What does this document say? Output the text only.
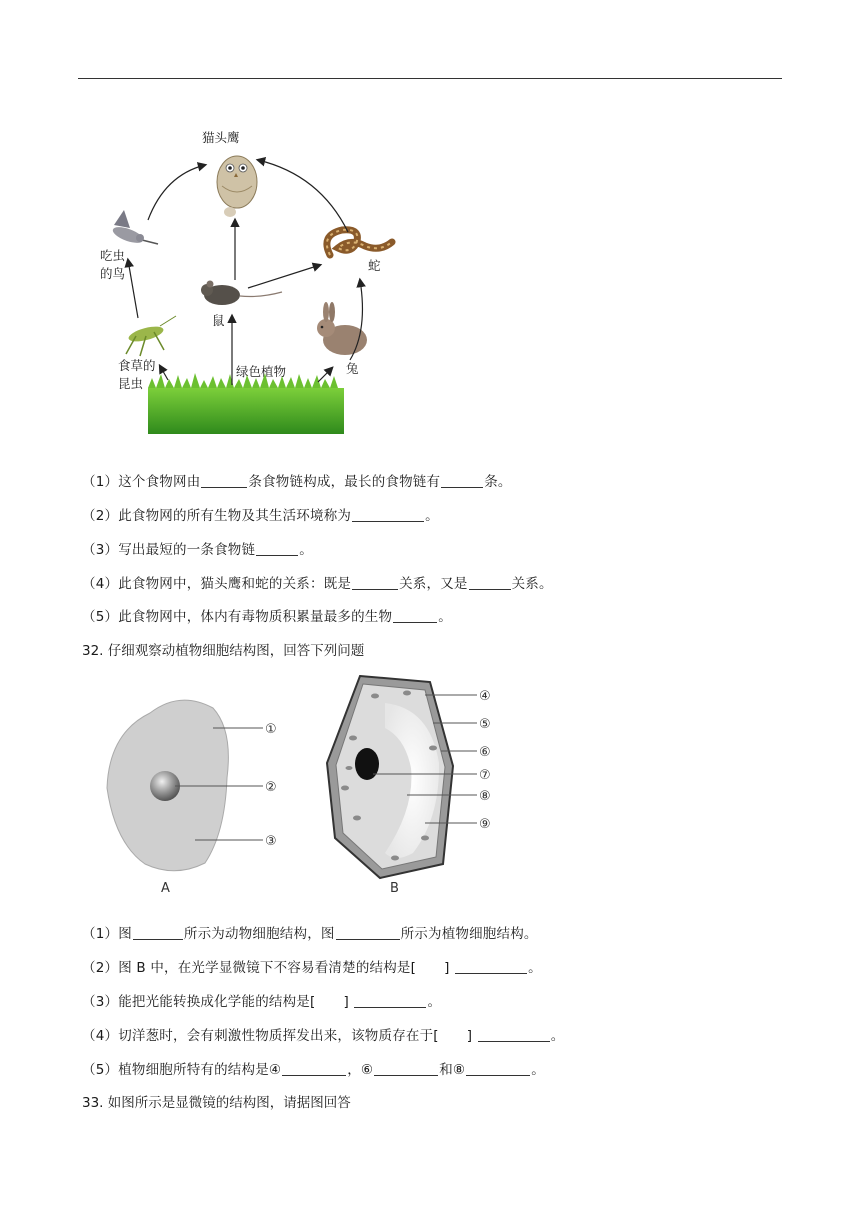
猫头鹰
吃虫
的鸟
蛇
鼠
兔
食草的
昆虫
绿色植物
（1）这个食物网由	条食物链构成，最长的食物链有	条。
（2）此食物网的所有生物及其生活环境称为	。
（3）写出最短的一条食物链	。
（4）此食物网中，猫头鹰和蛇的关系：既是	关系，又是	关系。
（5）此食物网中，体内有毒物质积累量最多的生物	。
32. 仔细观察动植物细胞结构图，回答下列问题
①
②
③
A
④
⑤
⑥
⑦
⑧
⑨
B
（1）图	所示为动物细胞结构，图	所示为植物细胞结构。
（2）图 B 中，在光学显微镜下不容易看清楚的结构是[ ]	。
（3）能把光能转换成化学能的结构是[ ]	。
（4）切洋葱时，会有刺激性物质挥发出来，该物质存在于[ ]	。
（5）植物细胞所特有的结构是④	，⑥	和⑧	。
33. 如图所示是显微镜的结构图，请据图回答
